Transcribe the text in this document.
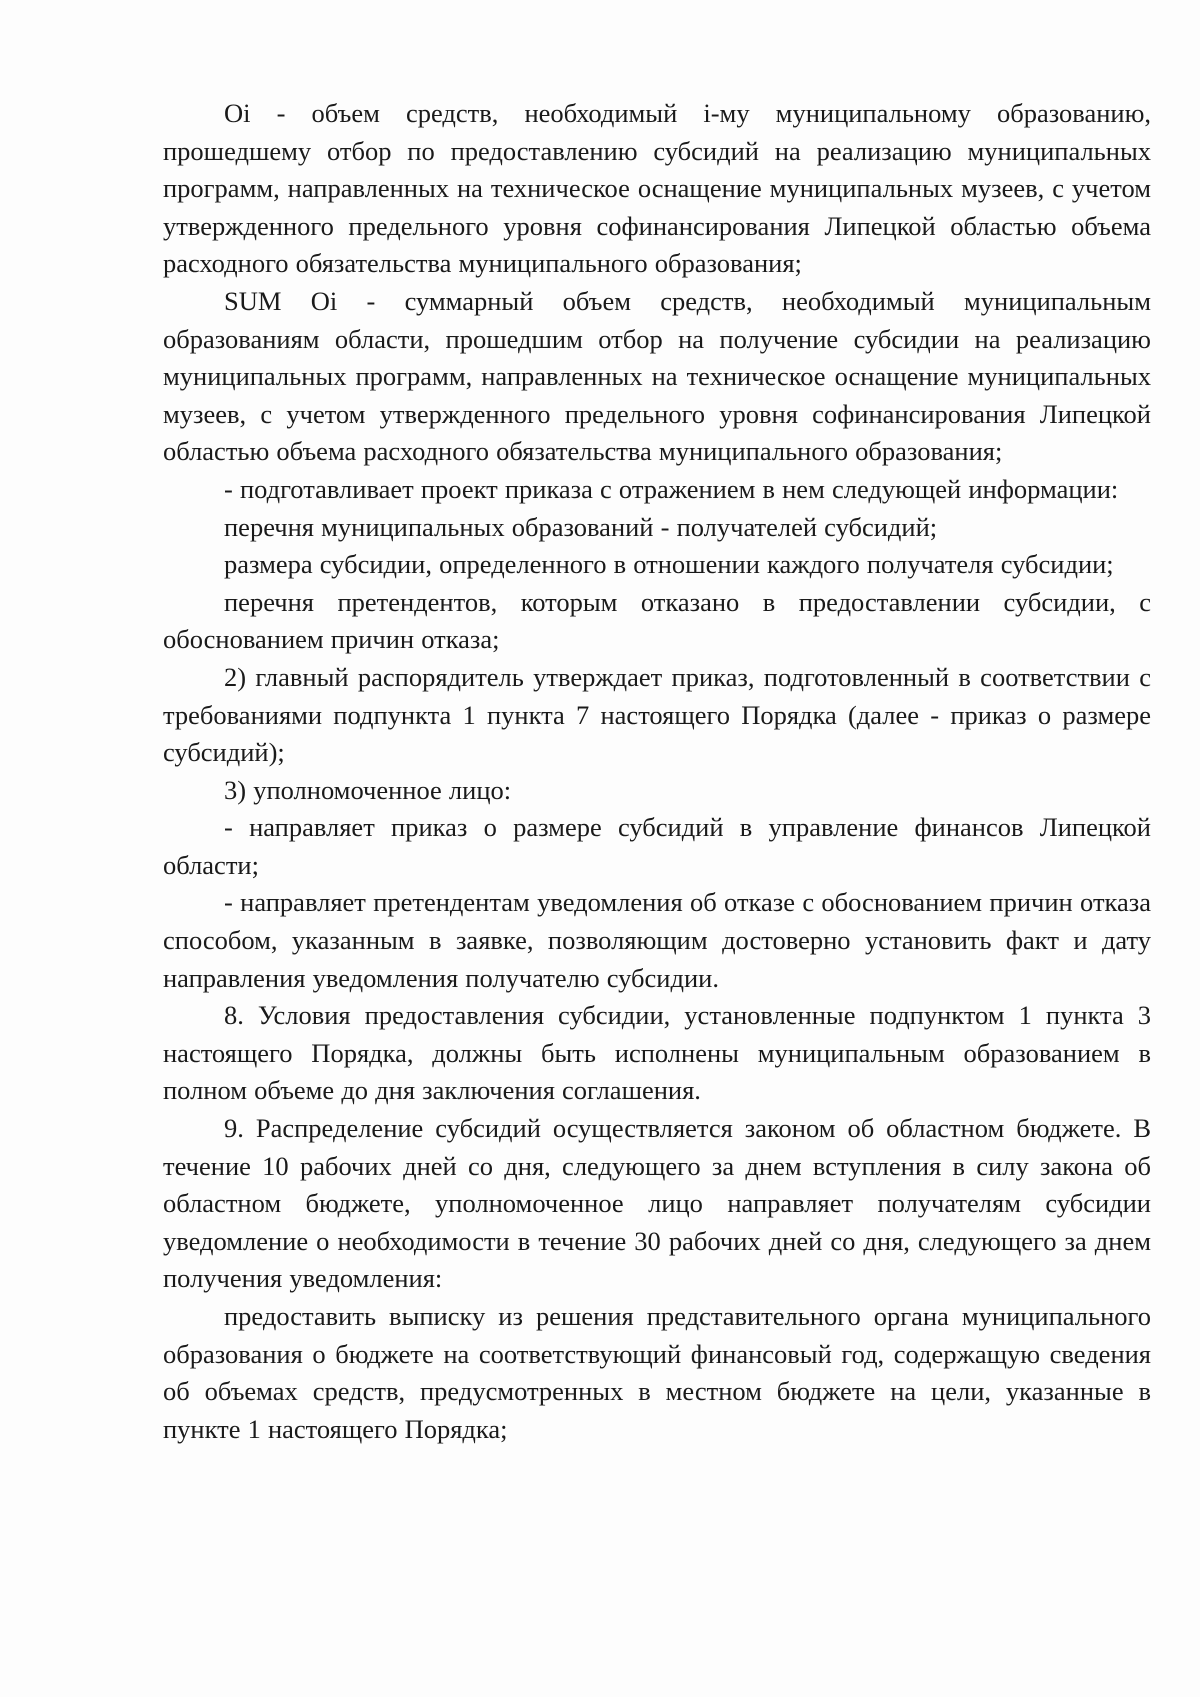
Oi - объем средств, необходимый i-му муниципальному образованию, прошедшему отбор по предоставлению субсидий на реализацию муниципальных программ, направленных на техническое оснащение муниципальных музеев, с учетом утвержденного предельного уровня софинансирования Липецкой областью объема расходного обязательства муниципального образования;

SUM Oi - суммарный объем средств, необходимый муниципальным образованиям области, прошедшим отбор на получение субсидии на реализацию муниципальных программ, направленных на техническое оснащение муниципальных музеев, с учетом утвержденного предельного уровня софинансирования Липецкой областью объема расходного обязательства муниципального образования;

- подготавливает проект приказа с отражением в нем следующей информации:

перечня муниципальных образований - получателей субсидий;

размера субсидии, определенного в отношении каждого получателя субсидии;

перечня претендентов, которым отказано в предоставлении субсидии, с обоснованием причин отказа;

2) главный распорядитель утверждает приказ, подготовленный в соответствии с требованиями подпункта 1 пункта 7 настоящего Порядка (далее - приказ о размере субсидий);

3) уполномоченное лицо:

- направляет приказ о размере субсидий в управление финансов Липецкой области;

- направляет претендентам уведомления об отказе с обоснованием причин отказа способом, указанным в заявке, позволяющим достоверно установить факт и дату направления уведомления получателю субсидии.

8. Условия предоставления субсидии, установленные подпунктом 1 пункта 3 настоящего Порядка, должны быть исполнены муниципальным образованием в полном объеме до дня заключения соглашения.

9. Распределение субсидий осуществляется законом об областном бюджете. В течение 10 рабочих дней со дня, следующего за днем вступления в силу закона об областном бюджете, уполномоченное лицо направляет получателям субсидии уведомление о необходимости в течение 30 рабочих дней со дня, следующего за днем получения уведомления:

предоставить выписку из решения представительного органа муниципального образования о бюджете на соответствующий финансовый год, содержащую сведения об объемах средств, предусмотренных в местном бюджете на цели, указанные в пункте 1 настоящего Порядка;
